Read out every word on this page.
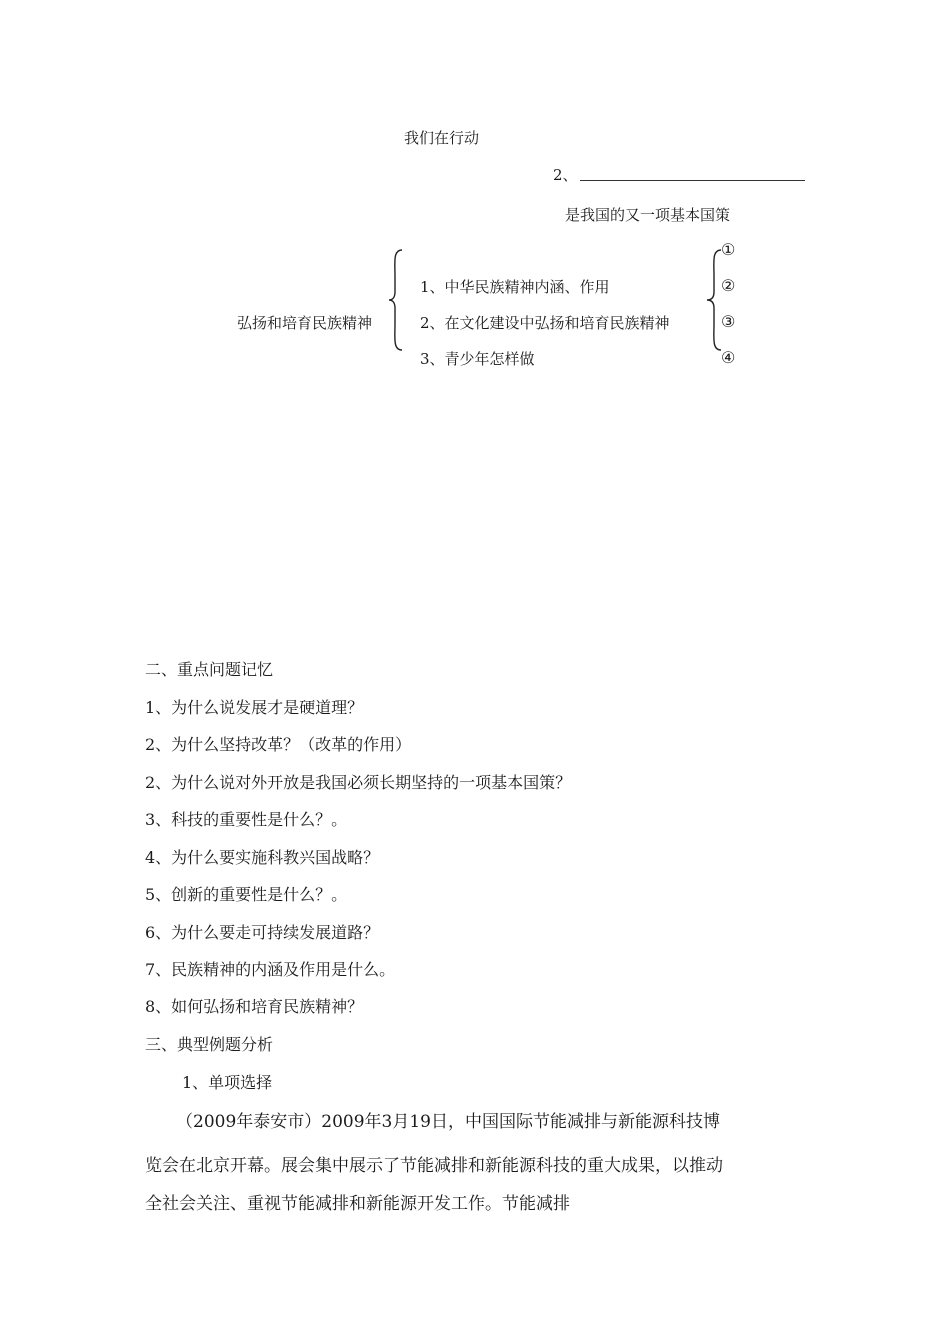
我们在行动
2、
是我国的又一项基本国策
弘扬和培育民族精神
1、中华民族精神内涵、作用
2、在文化建设中弘扬和培育民族精神
3、青少年怎样做
①
②
③
④
二、重点问题记忆
1、为什么说发展才是硬道理？
2、为什么坚持改革？（改革的作用）
2、为什么说对外开放是我国必须长期坚持的一项基本国策？
3、科技的重要性是什么？。
4、为什么要实施科教兴国战略？
5、创新的重要性是什么？。
6、为什么要走可持续发展道路？
7、民族精神的内涵及作用是什么。
8、如何弘扬和培育民族精神？
三、典型例题分析
1、单项选择
（2009年泰安市）2009年3月19日，中国国际节能减排与新能源科技博
览会在北京开幕。展会集中展示了节能减排和新能源科技的重大成果，以推动
全社会关注、重视节能减排和新能源开发工作。节能减排
